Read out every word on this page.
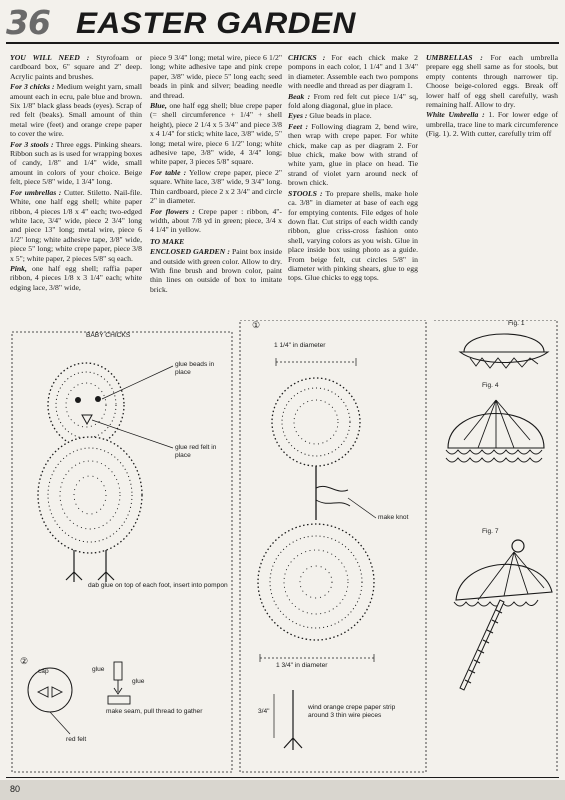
36 EASTER GARDEN

YOU WILL NEED : Styrofoam or cardboard box, 6" square and 2" deep. Acrylic paints and brushes.

For 3 chicks : Medium weight yarn, small amount each in ecru, pale blue and brown. Six 1/8" black glass beads (eyes). Scrap of red felt (beaks). Small amount of thin metal wire (feet) and orange crepe paper to cover the wire.

For 3 stools : Three eggs. Pinking shears. Ribbon such as is used for wrapping boxes of candy, 1/8" and 1/4" wide, small amount in colors of your choice. Beige felt, piece 5/8" wide, 1 3/4" long.

For umbrellas : Cutter. Stiletto. Nail-file. White, one half egg shell; white paper ribbon, 4 pieces 1/8 x 4" each; two-edged white lace, 3/4" wide, piece 2 3/4" long and piece 13" long; metal wire, piece 6 1/2" long; white adhesive tape, 3/8" wide, piece 5" long; white crepe paper, piece 3/8 x 5"; white paper, 2 pieces 5/8" sq each.

Pink, one half egg shell; raffia paper ribbon, 4 pieces 1/8 x 3 1/4" each; white edging lace, 3/8" wide,

piece 9 3/4" long; metal wire, piece 6 1/2" long; white adhesive tape and pink crepe paper, 3/8" wide, piece 5" long each; seed beads in pink and silver; beading needle and thread.

Blue, one half egg shell; blue crepe paper (= shell circumference + 1/4" + shell height), piece 2 1/4 x 5 3/4" and piece 3/8 x 4 1/4" for stick; white lace, 3/8" wide, 5" long; metal wire, piece 6 1/2" long; white adhesive tape, 3/8" wide, 4 3/4" long; white paper, 3 pieces 5/8" square.

For table : Yellow crepe paper, piece 2" square. White lace, 3/8" wide, 9 3/4" long. Thin cardboard, piece 2 x 2 3/4" and circle 2" in diameter.

For flowers : Crepe paper : ribbon, 4"-width, about 7/8 yd in green; piece, 3/4 x 4 1/4" in yellow.

TO MAKE

ENCLOSED GARDEN : Paint box inside and outside with green color. Allow to dry. With fine brush and brown color, paint thin lines on outside of box to imitate brick.

CHICKS : For each chick make 2 pompons in each color, 1 1/4" and 1 3/4" in diameter. Assemble each two pompons with needle and thread as per diagram 1.

Beak : From red felt cut piece 1/4" sq, fold along diagonal, glue in place.

Eyes : Glue beads in place.

Feet : Following diagram 2, bend wire, then wrap with crepe paper. For white chick, make cap as per diagram 2. For blue chick, make bow with strand of white yarn, glue in place on head. Tie strand of violet yarn around neck of brown chick.

STOOLS : To prepare shells, make hole ca. 3/8" in diameter at base of each egg for emptying contents. File edges of hole down flat. Cut strips of each width candy ribbon, glue criss-cross fashion onto shell, varying colors as you wish. Glue in place inside box using photo as a guide. From beige felt, cut circles 5/8" in diameter with pinking shears, glue to egg tops. Glue chicks to egg tops.

UMBRELLAS : For each umbrella prepare egg shell same as for stools, but empty contents through narrower tip. Choose beige-colored eggs. Break off lower half of egg shell carefully, wash remaining half. Allow to dry.

White Umbrella : 1. For lower edge of umbrella, trace line to mark circumference (Fig. 1). 2. With cutter, carefully trim off

BABY CHICKS
glue beads in place
glue red felt in place
dab glue on top of each foot, insert into pompon
①
1 1/4" in diameter
make knot
1 3/4" in diameter
3/4"
wind orange crepe paper strip around 3 thin wire pieces
②
cap	glue
glue
make seam, pull thread to gather
red felt
Fig. 1
Fig. 4
Fig. 7
80
